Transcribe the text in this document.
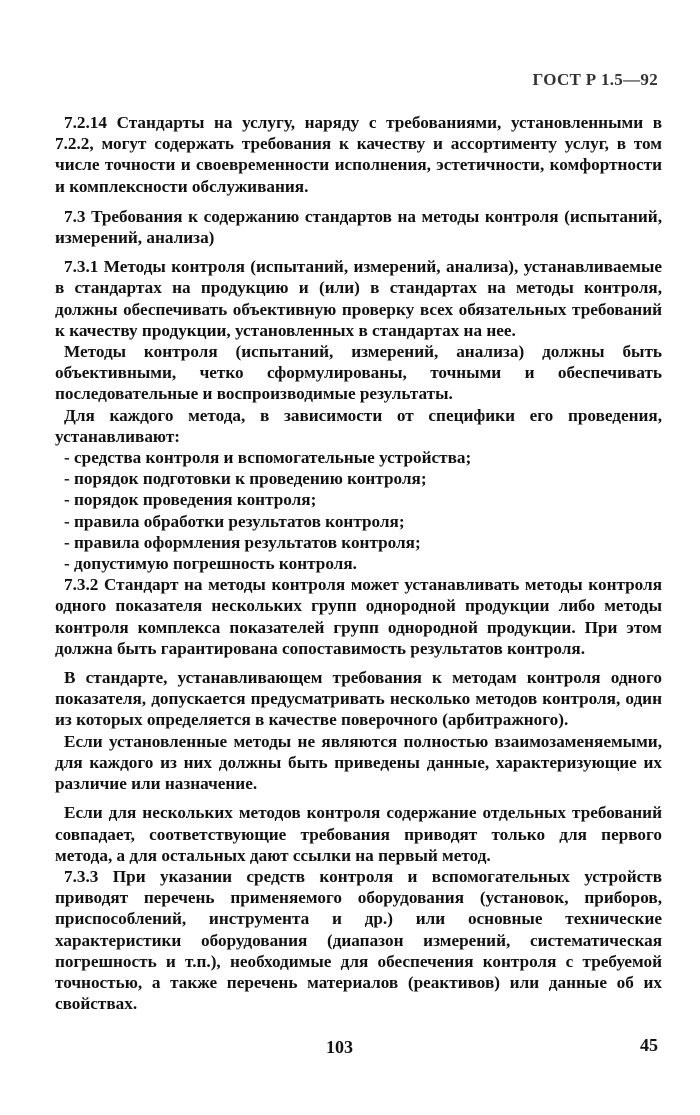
ГОСТ Р 1.5—92

7.2.14 Стандарты на услугу, наряду с требованиями, установленными в 7.2.2, могут содержать требования к качеству и ассортименту услуг, в том числе точности и своевременности исполнения, эстетичности, комфортности и комплексности обслуживания.

7.3 Требования к содержанию стандартов на методы контроля (испытаний, измерений, анализа)

7.3.1 Методы контроля (испытаний, измерений, анализа), устанавливаемые в стандартах на продукцию и (или) в стандартах на методы контроля, должны обеспечивать объективную проверку всех обязательных требований к качеству продукции, установленных в стандартах на нее.

Методы контроля (испытаний, измерений, анализа) должны быть объективными, четко сформулированы, точными и обеспечивать последовательные и воспроизводимые результаты.

Для каждого метода, в зависимости от специфики его проведения, устанавливают:

- средства контроля и вспомогательные устройства;
- порядок подготовки к проведению контроля;
- порядок проведения контроля;
- правила обработки результатов контроля;
- правила оформления результатов контроля;
- допустимую погрешность контроля.

7.3.2 Стандарт на методы контроля может устанавливать методы контроля одного показателя нескольких групп однородной продукции либо методы контроля комплекса показателей групп однородной продукции. При этом должна быть гарантирована сопоставимость результатов контроля.

В стандарте, устанавливающем требования к методам контроля одного показателя, допускается предусматривать несколько методов контроля, один из которых определяется в качестве поверочного (арбитражного).

Если установленные методы не являются полностью взаимозаменяемыми, для каждого из них должны быть приведены данные, характеризующие их различие или назначение.

Если для нескольких методов контроля содержание отдельных требований совпадает, соответствующие требования приводят только для первого метода, а для остальных дают ссылки на первый метод.

7.3.3 При указании средств контроля и вспомогательных устройств приводят перечень применяемого оборудования (установок, приборов, приспособлений, инструмента и др.) или основные технические характеристики оборудования (диапазон измерений, систематическая погрешность и т.п.), необходимые для обеспечения контроля с требуемой точностью, а также перечень материалов (реактивов) или данные об их свойствах.

103	45
